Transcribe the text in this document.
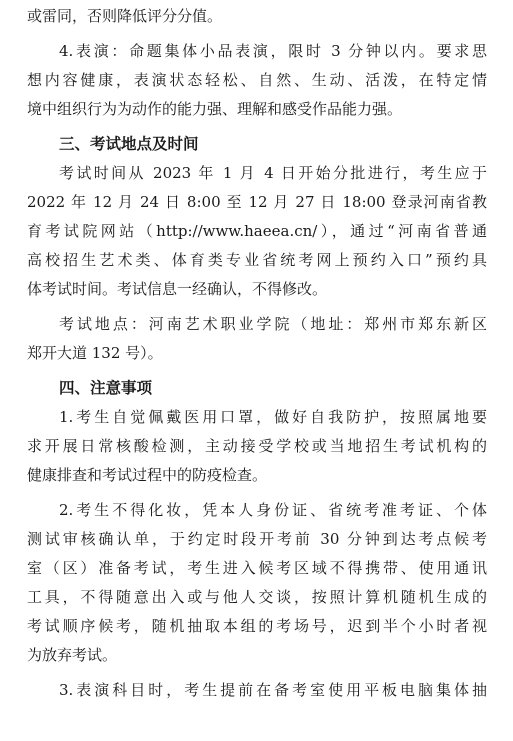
或雷同，否则降低评分分值。
4.表演：命题集体小品表演，限时 3 分钟以内。要求思
想内容健康，表演状态轻松、自然、生动、活泼，在特定情
境中组织行为为动作的能力强、理解和感受作品能力强。
三、考试地点及时间
考试时间从 2023 年 1 月 4 日开始分批进行，考生应于
2022 年 12 月 24 日 8:00 至 12 月 27 日 18:00 登录河南省教
育考试院网站（http://www.haeea.cn/），通过“河南省普通
高校招生艺术类、体育类专业省统考网上预约入口”预约具
体考试时间。考试信息一经确认，不得修改。
考试地点：河南艺术职业学院（地址：郑州市郑东新区
郑开大道 132 号）。
四、注意事项
1.考生自觉佩戴医用口罩，做好自我防护，按照属地要
求开展日常核酸检测，主动接受学校或当地招生考试机构的
健康排查和考试过程中的防疫检查。
2.考生不得化妆，凭本人身份证、省统考准考证、个体
测试审核确认单，于约定时段开考前 30 分钟到达考点候考
室（区）准备考试，考生进入候考区域不得携带、使用通讯
工具，不得随意出入或与他人交谈，按照计算机随机生成的
考试顺序候考，随机抽取本组的考场号，迟到半个小时者视
为放弃考试。
3.表演科目时，考生提前在备考室使用平板电脑集体抽
